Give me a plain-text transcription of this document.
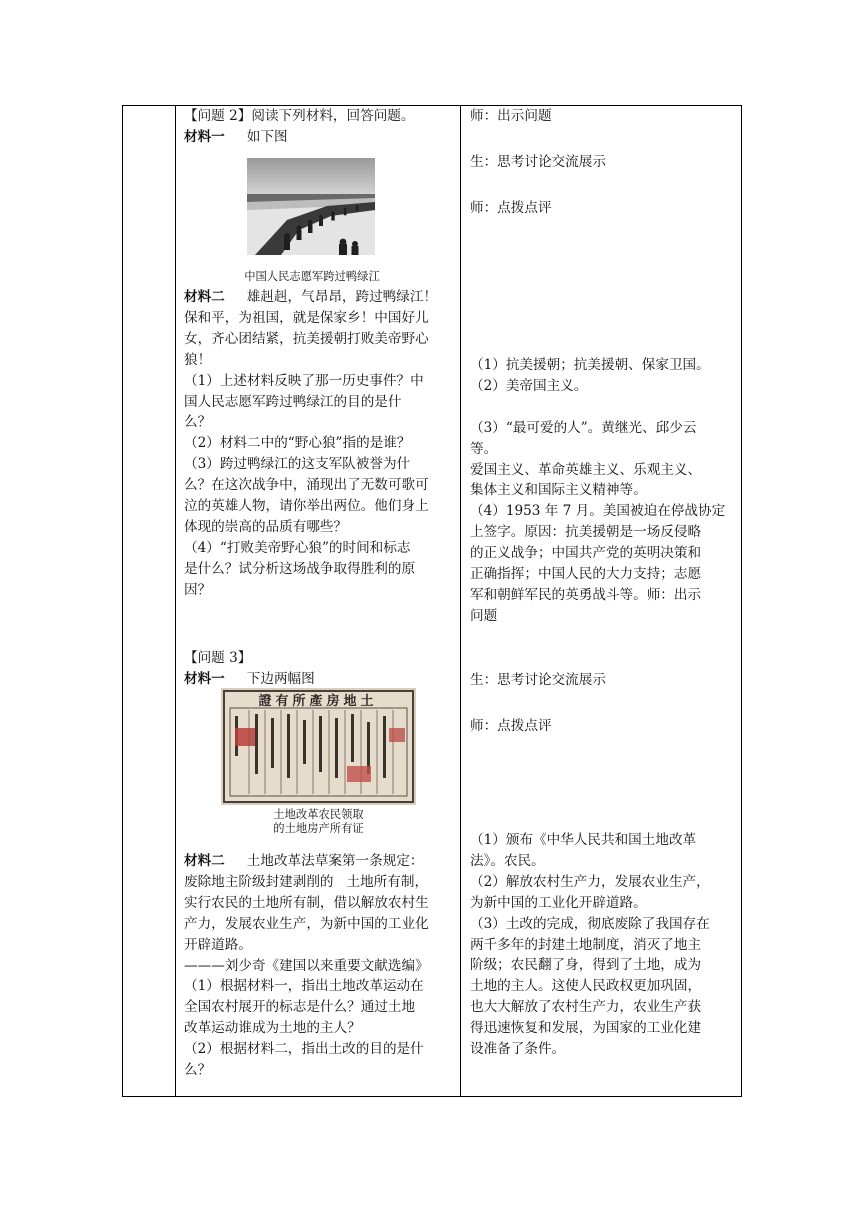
【问题 2】阅读下列材料，回答问题。
材料一 如下图
中国人民志愿军跨过鸭绿江
材料二 雄赳赳，气昂昂，跨过鸭绿江！
保和平，为祖国，就是保家乡！中国好儿
女，齐心团结紧，抗美援朝打败美帝野心
狼！
（1）上述材料反映了那一历史事件？中
国人民志愿军跨过鸭绿江的目的是什
么？
（2）材料二中的“野心狼”指的是谁？
（3）跨过鸭绿江的这支军队被誉为什
么？在这次战争中，涌现出了无数可歌可
泣的英雄人物，请你举出两位。他们身上
体现的崇高的品质有哪些？
（4）“打败美帝野心狼”的时间和标志
是什么？试分析这场战争取得胜利的原
因？
【问题 3】
材料一 下边两幅图
證有所產房地土
土地改革农民领取
的土地房产所有证
材料二 土地改革法草案第一条规定：
废除地主阶级封建剥削的   土地所有制，
实行农民的土地所有制，借以解放农村生
产力，发展农业生产，为新中国的工业化
开辟道路。
———刘少奇《建国以来重要文献选编》
（1）根据材料一，指出土地改革运动在
全国农村展开的标志是什么？通过土地
改革运动谁成为土地的主人？
（2）根据材料二，指出土改的目的是什
么？
师：出示问题
生：思考讨论交流展示
师：点拨点评
（1）抗美援朝；抗美援朝、保家卫国。
（2）美帝国主义。
（3）“最可爱的人”。黄继光、邱少云
等。
爱国主义、革命英雄主义、乐观主义、
集体主义和国际主义精神等。
（4）1953 年 7 月。美国被迫在停战协定
上签字。原因：抗美援朝是一场反侵略
的正义战争；中国共产党的英明决策和
正确指挥；中国人民的大力支持；志愿
军和朝鲜军民的英勇战斗等。师：出示
问题
生：思考讨论交流展示
师：点拨点评
（1）颁布《中华人民共和国土地改革
法》。农民。
（2）解放农村生产力，发展农业生产，
为新中国的工业化开辟道路。
（3）土改的完成，彻底废除了我国存在
两千多年的封建土地制度，消灭了地主
阶级；农民翻了身，得到了土地，成为
土地的主人。这使人民政权更加巩固，
也大大解放了农村生产力，农业生产获
得迅速恢复和发展，为国家的工业化建
设准备了条件。
